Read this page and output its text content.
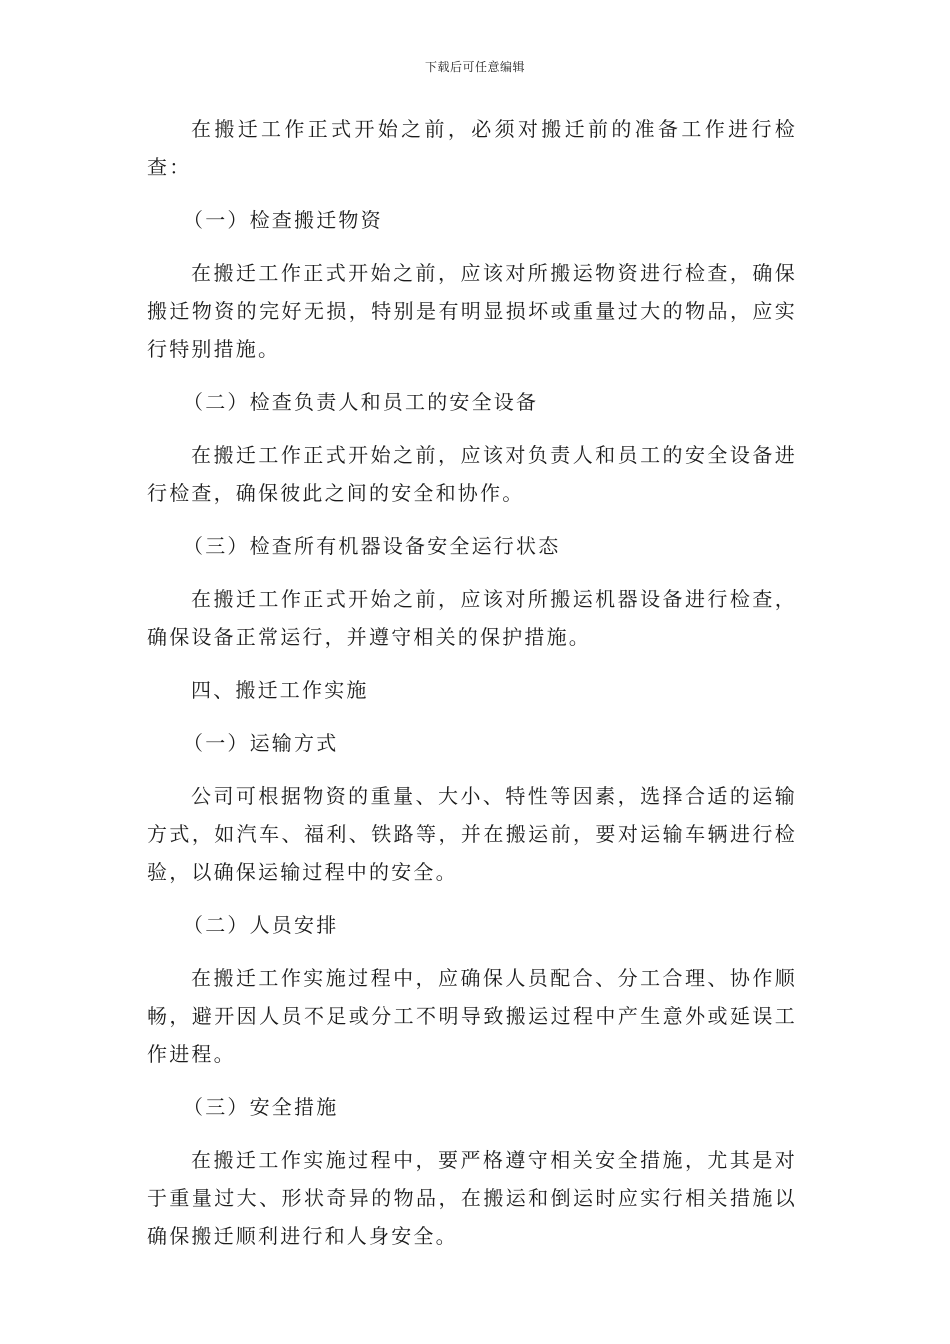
下载后可任意编辑

在搬迁工作正式开始之前，必须对搬迁前的准备工作进行检查：

（一）检查搬迁物资

在搬迁工作正式开始之前，应该对所搬运物资进行检查，确保搬迁物资的完好无损，特别是有明显损坏或重量过大的物品，应实行特别措施。

（二）检查负责人和员工的安全设备

在搬迁工作正式开始之前，应该对负责人和员工的安全设备进行检查，确保彼此之间的安全和协作。

（三）检查所有机器设备安全运行状态

在搬迁工作正式开始之前，应该对所搬运机器设备进行检查，确保设备正常运行，并遵守相关的保护措施。

四、搬迁工作实施

（一）运输方式

公司可根据物资的重量、大小、特性等因素，选择合适的运输方式，如汽车、福利、铁路等，并在搬运前，要对运输车辆进行检验，以确保运输过程中的安全。

（二）人员安排

在搬迁工作实施过程中，应确保人员配合、分工合理、协作顺畅，避开因人员不足或分工不明导致搬运过程中产生意外或延误工作进程。

（三）安全措施

在搬迁工作实施过程中，要严格遵守相关安全措施，尤其是对于重量过大、形状奇异的物品，在搬运和倒运时应实行相关措施以确保搬迁顺利进行和人身安全。
